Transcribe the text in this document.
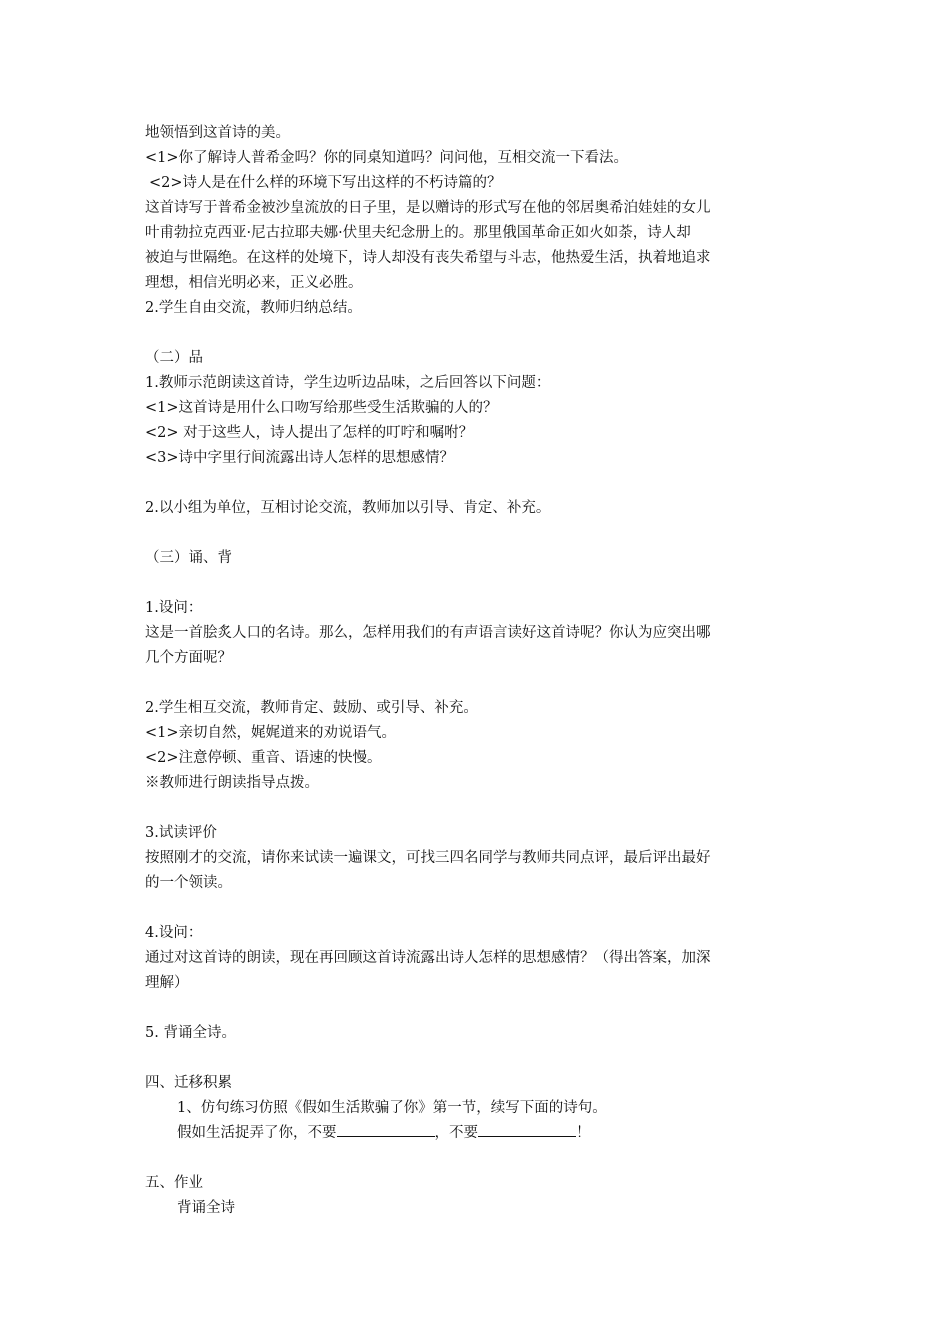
地领悟到这首诗的美。
<1>你了解诗人普希金吗？你的同桌知道吗？问问他，互相交流一下看法。
<2>诗人是在什么样的环境下写出这样的不朽诗篇的？
这首诗写于普希金被沙皇流放的日子里，是以赠诗的形式写在他的邻居奥希泊娃娃的女儿
叶甫勃拉克西亚·尼古拉耶夫娜·伏里夫纪念册上的。那里俄国革命正如火如荼，诗人却
被迫与世隔绝。在这样的处境下，诗人却没有丧失希望与斗志，他热爱生活，执着地追求
理想，相信光明必来，正义必胜。
2.学生自由交流，教师归纳总结。
（二）品
1.教师示范朗读这首诗，学生边听边品味，之后回答以下问题：
<1>这首诗是用什么口吻写给那些受生活欺骗的人的？
<2> 对于这些人，诗人提出了怎样的叮咛和嘱咐？
<3>诗中字里行间流露出诗人怎样的思想感情？
2.以小组为单位，互相讨论交流，教师加以引导、肯定、补充。
（三）诵、背
1.设问：
这是一首脍炙人口的名诗。那么，怎样用我们的有声语言读好这首诗呢？你认为应突出哪
几个方面呢？
2.学生相互交流，教师肯定、鼓励、或引导、补充。
<1>亲切自然，娓娓道来的劝说语气。
<2>注意停顿、重音、语速的快慢。
※教师进行朗读指导点拨。
3.试读评价
按照刚才的交流，请你来试读一遍课文，可找三四名同学与教师共同点评，最后评出最好
的一个领读。
4.设问：
通过对这首诗的朗读，现在再回顾这首诗流露出诗人怎样的思想感情？（得出答案，加深
理解）
5. 背诵全诗。
四、迁移积累
1、仿句练习仿照《假如生活欺骗了你》第一节，续写下面的诗句。
假如生活捉弄了你，不要	，不要	！
五、作业
背诵全诗
